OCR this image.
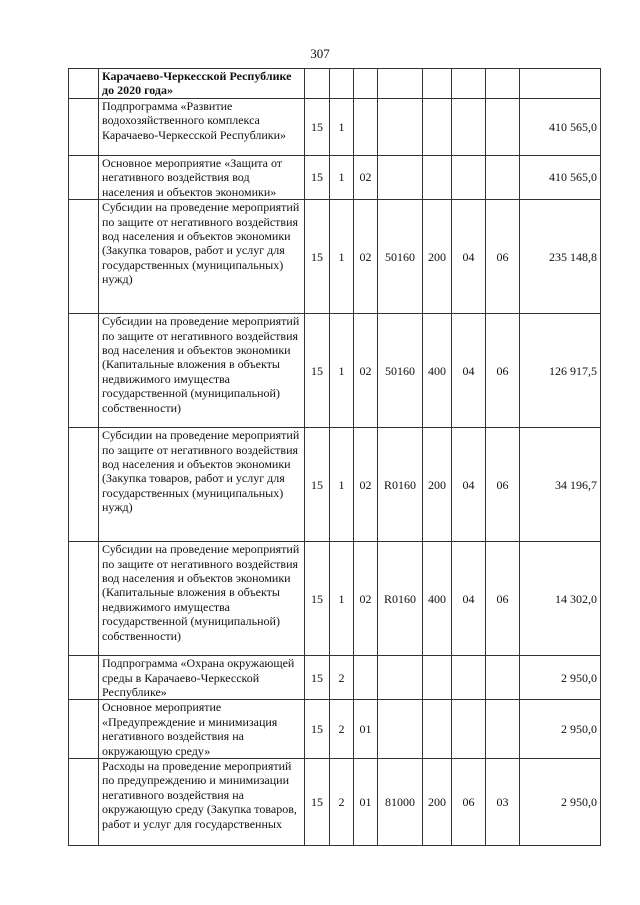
307
	Карачаево-Черкесской Республике до 2020 года»								
	Подпрограмма «Развитие водохозяйственного комплекса Карачаево-Черкесской Республики»	15	1						410 565,0
	Основное мероприятие «Защита от негативного воздействия вод населения и объектов экономики»	15	1	02					410 565,0
	Субсидии на проведение мероприятий по защите от негативного воздействия вод населения и объектов экономики (Закупка товаров, работ и услуг для государственных (муниципальных) нужд)	15	1	02	50160	200	04	06	235 148,8
	Субсидии на проведение мероприятий по защите от негативного воздействия вод населения и объектов экономики (Капитальные вложения в объекты недвижимого имущества государственной (муниципальной) собственности)	15	1	02	50160	400	04	06	126 917,5
	Субсидии на проведение мероприятий по защите от негативного воздействия вод населения и объектов экономики (Закупка товаров, работ и услуг для государственных (муниципальных) нужд)	15	1	02	R0160	200	04	06	34 196,7
	Субсидии на проведение мероприятий по защите от негативного воздействия вод населения и объектов экономики (Капитальные вложения в объекты недвижимого имущества государственной (муниципальной) собственности)	15	1	02	R0160	400	04	06	14 302,0
	Подпрограмма «Охрана окружающей среды в Карачаево-Черкесской Республике»	15	2						2 950,0
	Основное мероприятие «Предупреждение и минимизация негативного воздействия на окружающую среду»	15	2	01					2 950,0
	Расходы на проведение мероприятий по предупреждению и минимизации негативного воздействия на окружающую среду (Закупка товаров, работ и услуг для государственных	15	2	01	81000	200	06	03	2 950,0
